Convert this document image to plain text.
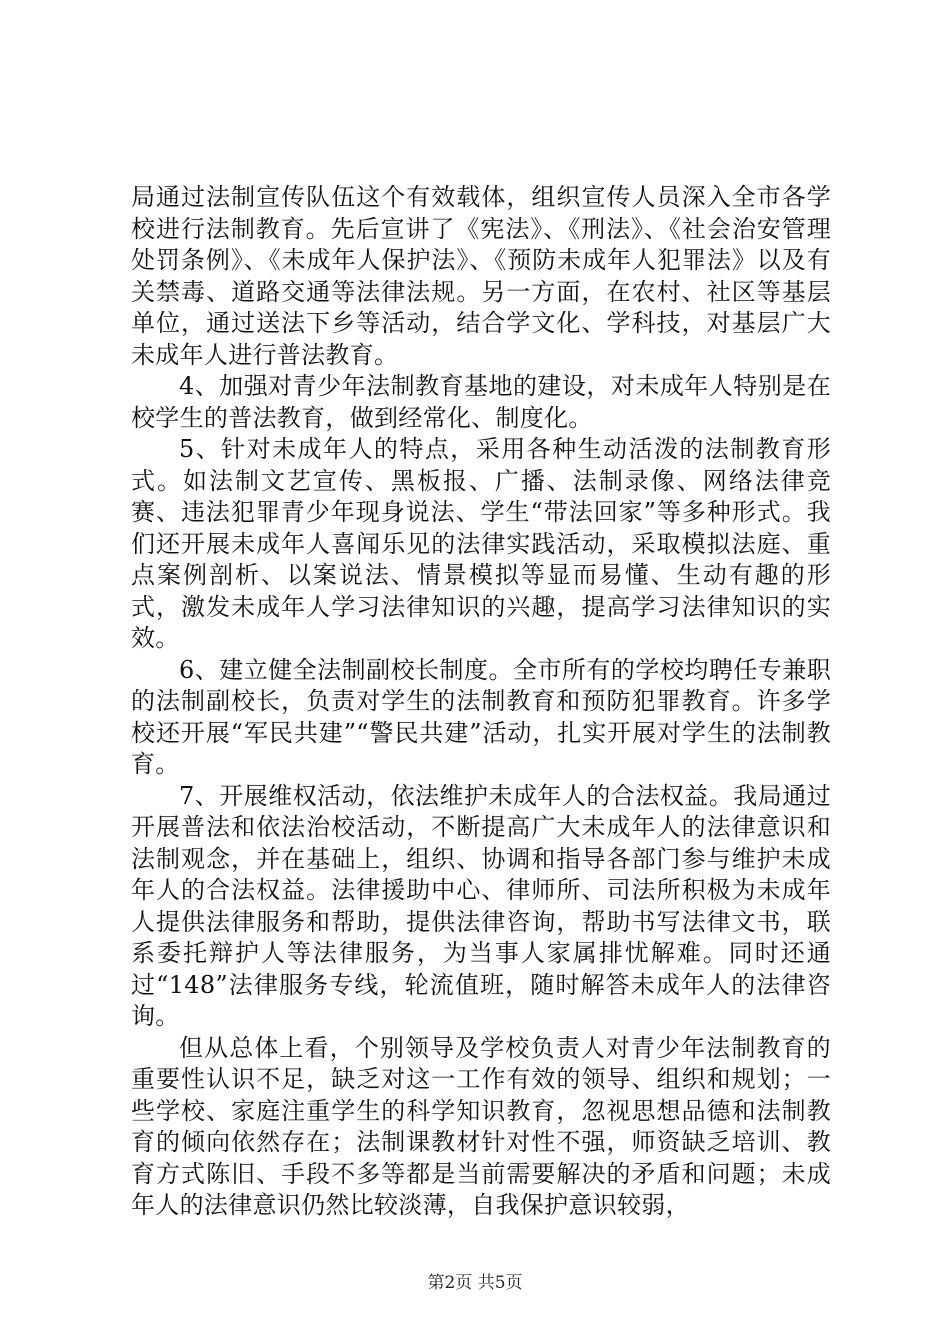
局通过法制宣传队伍这个有效载体，组织宣传人员深入全市各学校进行法制教育。先后宣讲了《宪法》、《刑法》、《社会治安管理处罚条例》、《未成年人保护法》、《预防未成年人犯罪法》以及有关禁毒、道路交通等法律法规。另一方面，在农村、社区等基层单位，通过送法下乡等活动，结合学文化、学科技，对基层广大未成年人进行普法教育。

4、加强对青少年法制教育基地的建设，对未成年人特别是在校学生的普法教育，做到经常化、制度化。

5、针对未成年人的特点，采用各种生动活泼的法制教育形式。如法制文艺宣传、黑板报、广播、法制录像、网络法律竞赛、违法犯罪青少年现身说法、学生“带法回家”等多种形式。我们还开展未成年人喜闻乐见的法律实践活动，采取模拟法庭、重点案例剖析、以案说法、情景模拟等显而易懂、生动有趣的形式，激发未成年人学习法律知识的兴趣，提高学习法律知识的实效。

6、建立健全法制副校长制度。全市所有的学校均聘任专兼职的法制副校长，负责对学生的法制教育和预防犯罪教育。许多学校还开展“军民共建”“警民共建”活动，扎实开展对学生的法制教育。

7、开展维权活动，依法维护未成年人的合法权益。我局通过开展普法和依法治校活动，不断提高广大未成年人的法律意识和法制观念，并在基础上，组织、协调和指导各部门参与维护未成年人的合法权益。法律援助中心、律师所、司法所积极为未成年人提供法律服务和帮助，提供法律咨询，帮助书写法律文书，联系委托辩护人等法律服务，为当事人家属排忧解难。同时还通过“148”法律服务专线，轮流值班，随时解答未成年人的法律咨询。

但从总体上看，个别领导及学校负责人对青少年法制教育的重要性认识不足，缺乏对这一工作有效的领导、组织和规划；一些学校、家庭注重学生的科学知识教育，忽视思想品德和法制教育的倾向依然存在；法制课教材针对性不强，师资缺乏培训、教育方式陈旧、手段不多等都是当前需要解决的矛盾和问题；未成年人的法律意识仍然比较淡薄，自我保护意识较弱，

第2页 共5页
